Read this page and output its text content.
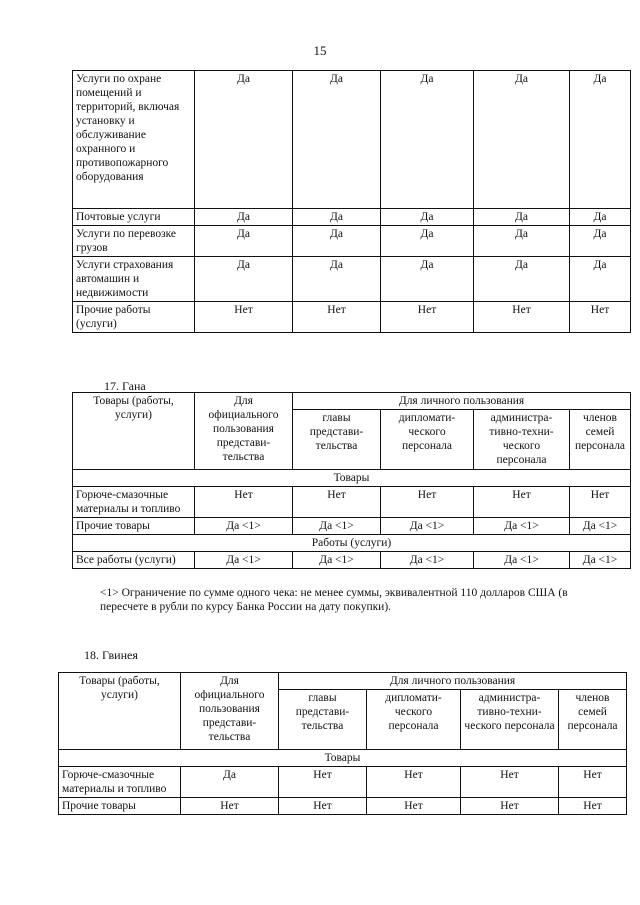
15
Услуги по охране помещений и территорий, включая установку и обслуживание охранного и противопожарного оборудования	Да	Да	Да	Да	Да
Почтовые услуги	Да	Да	Да	Да	Да
Услуги по перевозке грузов	Да	Да	Да	Да	Да
Услуги страхования автомашин и недвижимости	Да	Да	Да	Да	Да
Прочие работы (услуги)	Нет	Нет	Нет	Нет	Нет
17. Гана
Товары (работы, услуги)	Для официального пользования представи-тельства	Для личного пользования			
		главы представи-тельства	дипломати-ческого персонала	администра-тивно-техни-ческого персонала	членов семей персонала
Товары					
Горюче-смазочные материалы и топливо	Нет	Нет	Нет	Нет	Нет
Прочие товары	Да <1>	Да <1>	Да <1>	Да <1>	Да <1>
Работы (услуги)					
Все работы (услуги)	Да <1>	Да <1>	Да <1>	Да <1>	Да <1>
<1> Ограничение по сумме одного чека: не менее суммы, эквивалентной 110 долларов США (в пересчете в рубли по курсу Банка России на дату покупки).
18. Гвинея
Товары (работы, услуги)	Для официального пользования представи-тельства	Для личного пользования			
		главы представи-тельства	дипломати-ческого персонала	администра-тивно-техни-ческого персонала	членов семей персонала
Товары					
Горюче-смазочные материалы и топливо	Да	Нет	Нет	Нет	Нет
Прочие товары	Нет	Нет	Нет	Нет	Нет
